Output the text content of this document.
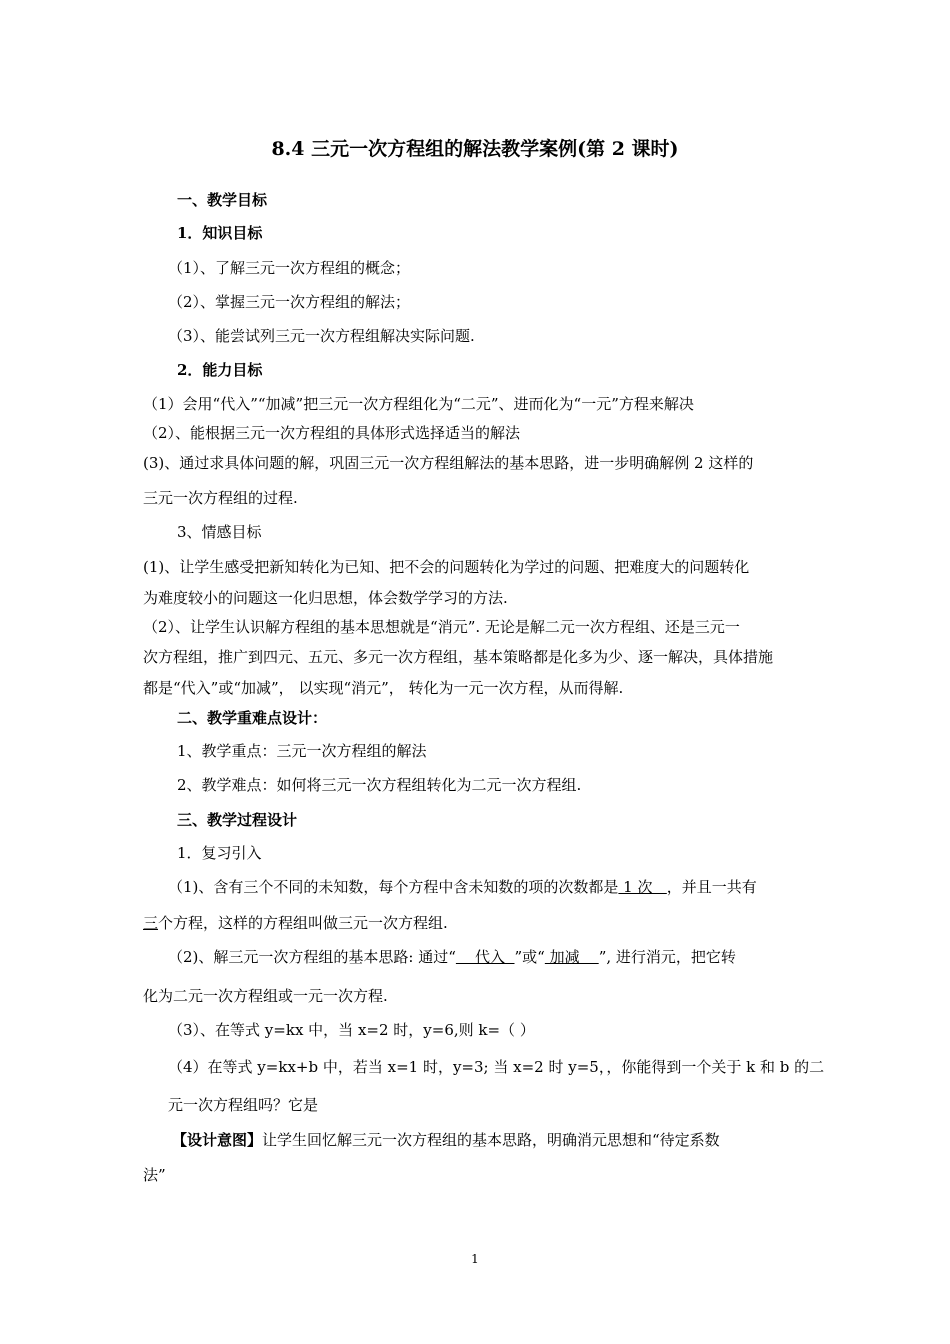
8.4 三元一次方程组的解法教学案例(第 2 课时)
一、教学目标
1．知识目标
（1）、了解三元一次方程组的概念；
（2）、掌握三元一次方程组的解法；
（3）、能尝试列三元一次方程组解决实际问题.
2．能力目标
（1）会用“代入”“加减”把三元一次方程组化为“二元”、进而化为“一元”方程来解决
（2）、能根据三元一次方程组的具体形式选择适当的解法
(3)、通过求具体问题的解，巩固三元一次方程组解法的基本思路，进一步明确解例 2 这样的
三元一次方程组的过程.
3、情感目标
(1)、让学生感受把新知转化为已知、把不会的问题转化为学过的问题、把难度大的问题转化
为难度较小的问题这一化归思想，体会数学学习的方法.
（2）、让学生认识解方程组的基本思想就是“消元”. 无论是解二元一次方程组、还是三元一
次方程组，推广到四元、五元、多元一次方程组，基本策略都是化多为少、逐一解决，具体措施
都是“代入”或“加减”， 以实现“消元”， 转化为一元一次方程，从而得解.
二、教学重难点设计：
1、教学重点：三元一次方程组的解法
2、教学难点：如何将三元一次方程组转化为二元一次方程组.
三、教学过程设计
1．复习引入
（1)、含有三个不同的未知数，每个方程中含未知数的项的次数都是 1 次   ，并且一共有
三个方程，这样的方程组叫做三元一次方程组.
（2)、解三元一次方程组的基本思路: 通过“    代入  ”或“ 加减    ”, 进行消元，把它转
化为二元一次方程组或一元一次方程.
（3）、在等式 y=kx 中，当 x=2 时，y=6,则 k=（ ）
（4）在等式 y=kx+b 中，若当 x=1 时，y=3; 当 x=2 时 y=5，，你能得到一个关于 k 和 b 的二
元一次方程组吗？它是
【设计意图】让学生回忆解三元一次方程组的基本思路，明确消元思想和“待定系数
法”
1
